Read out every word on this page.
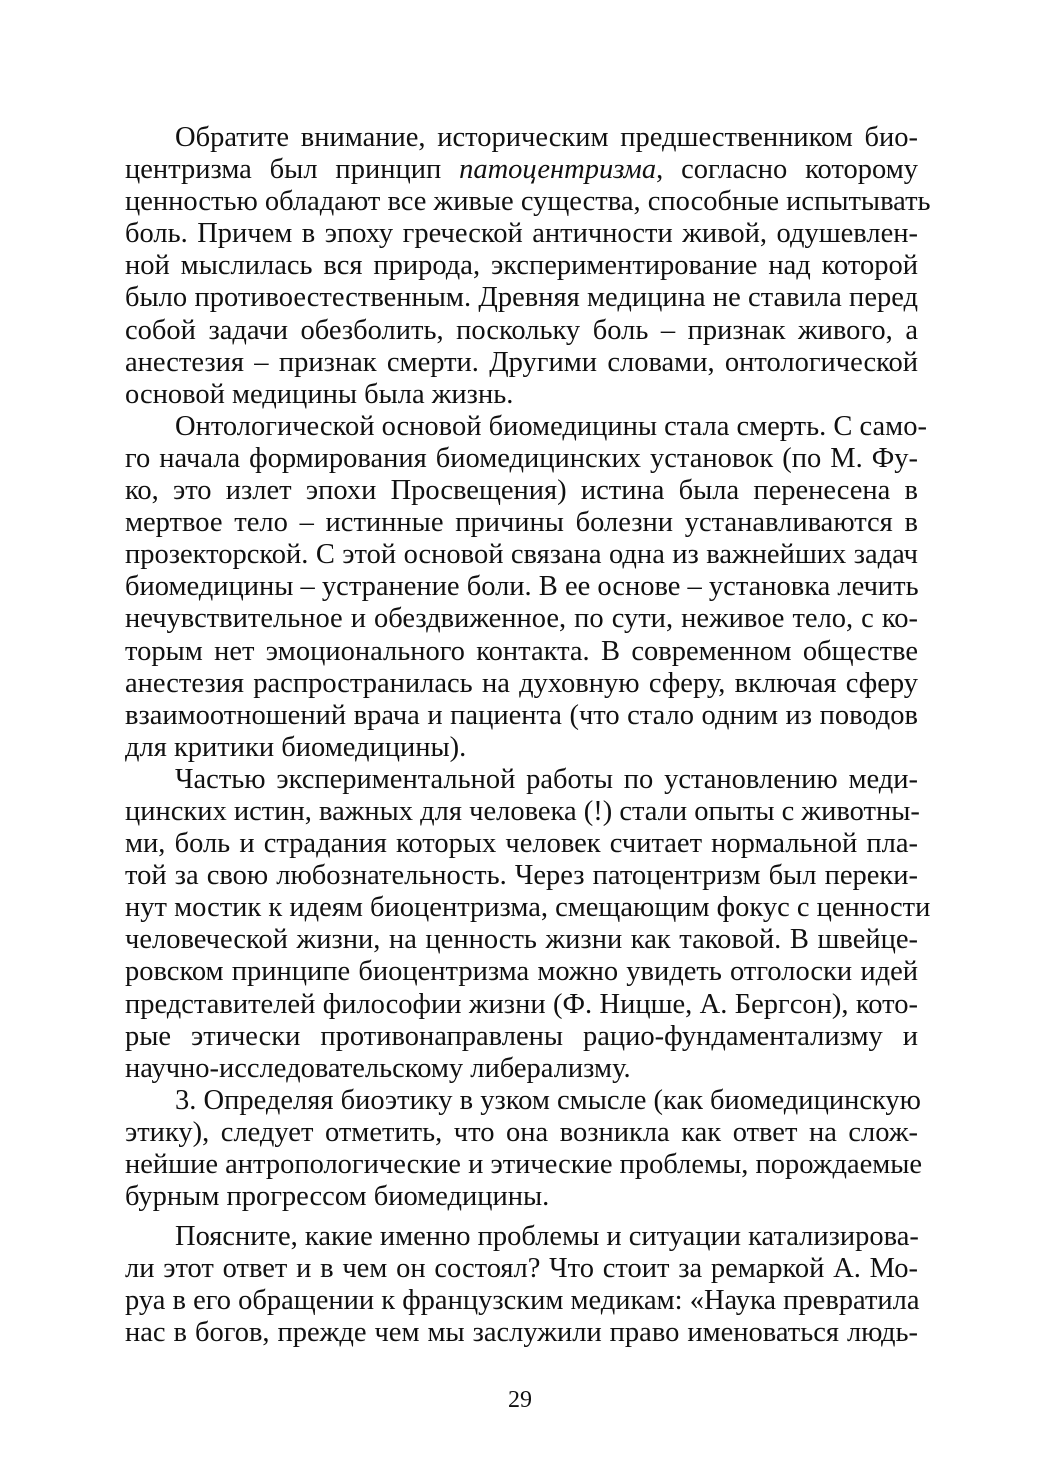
Обратите внимание, историческим предшественником био-
центризма был принцип патоцентризма, согласно которому
ценностью обладают все живые существа, способные испытывать
боль. Причем в эпоху греческой античности живой, одушевлен-
ной мыслилась вся природа, экспериментирование над которой
было противоестественным. Древняя медицина не ставила перед
собой задачи обезболить, поскольку боль – признак живого, а
анестезия – признак смерти. Другими словами, онтологической
основой медицины была жизнь.
Онтологической основой биомедицины стала смерть. С само-
го начала формирования биомедицинских установок (по М. Фу-
ко, это излет эпохи Просвещения) истина была перенесена в
мертвое тело – истинные причины болезни устанавливаются в
прозекторской. С этой основой связана одна из важнейших задач
биомедицины – устранение боли. В ее основе – установка лечить
нечувствительное и обездвиженное, по сути, неживое тело, с ко-
торым нет эмоционального контакта. В современном обществе
анестезия распространилась на духовную сферу, включая сферу
взаимоотношений врача и пациента (что стало одним из поводов
для критики биомедицины).
Частью экспериментальной работы по установлению меди-
цинских истин, важных для человека (!) стали опыты с животны-
ми, боль и страдания которых человек считает нормальной пла-
той за свою любознательность. Через патоцентризм был переки-
нут мостик к идеям биоцентризма, смещающим фокус с ценности
человеческой жизни, на ценность жизни как таковой. В швейце-
ровском принципе биоцентризма можно увидеть отголоски идей
представителей философии жизни (Ф. Ницше, А. Бергсон), кото-
рые этически противонаправлены рацио-фундаментализму и
научно-исследовательскому либерализму.
3. Определяя биоэтику в узком смысле (как биомедицинскую
этику), следует отметить, что она возникла как ответ на слож-
нейшие антропологические и этические проблемы, порождаемые
бурным прогрессом биомедицины.
Поясните, какие именно проблемы и ситуации катализирова-
ли этот ответ и в чем он состоял? Что стоит за ремаркой А. Мо-
руа в его обращении к французским медикам: «Наука превратила
нас в богов, прежде чем мы заслужили право именоваться людь-
29
